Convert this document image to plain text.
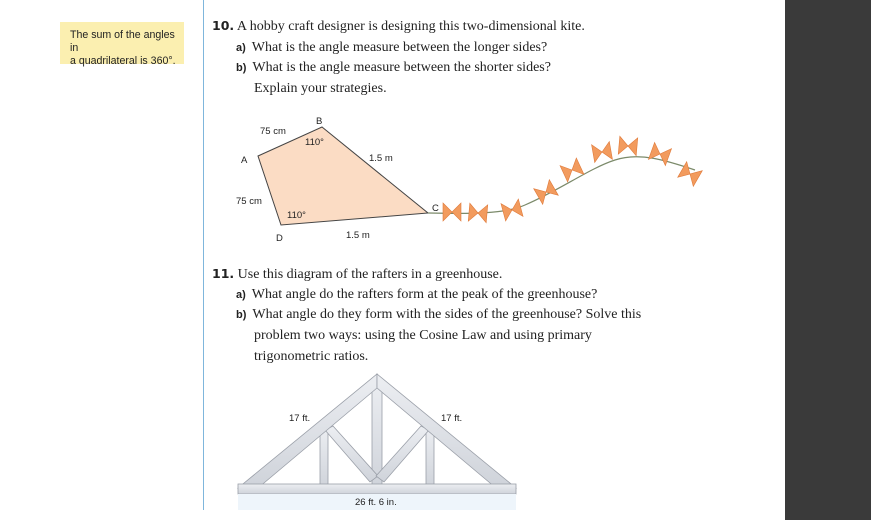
The sum of the angles in
a quadrilateral is 360°.
10. A hobby craft designer is designing this two-dimensional kite.
a) What is the angle measure between the longer sides?
b) What is the angle measure between the shorter sides?
Explain your strategies.
B
A
C
D
75 cm
75 cm
1.5 m
1.5 m
110°
110°
11. Use this diagram of the rafters in a greenhouse.
a) What angle do the rafters form at the peak of the greenhouse?
b) What angle do they form with the sides of the greenhouse? Solve this
problem two ways: using the Cosine Law and using primary
trigonometric ratios.
17 ft.	17 ft.
26 ft. 6 in.
